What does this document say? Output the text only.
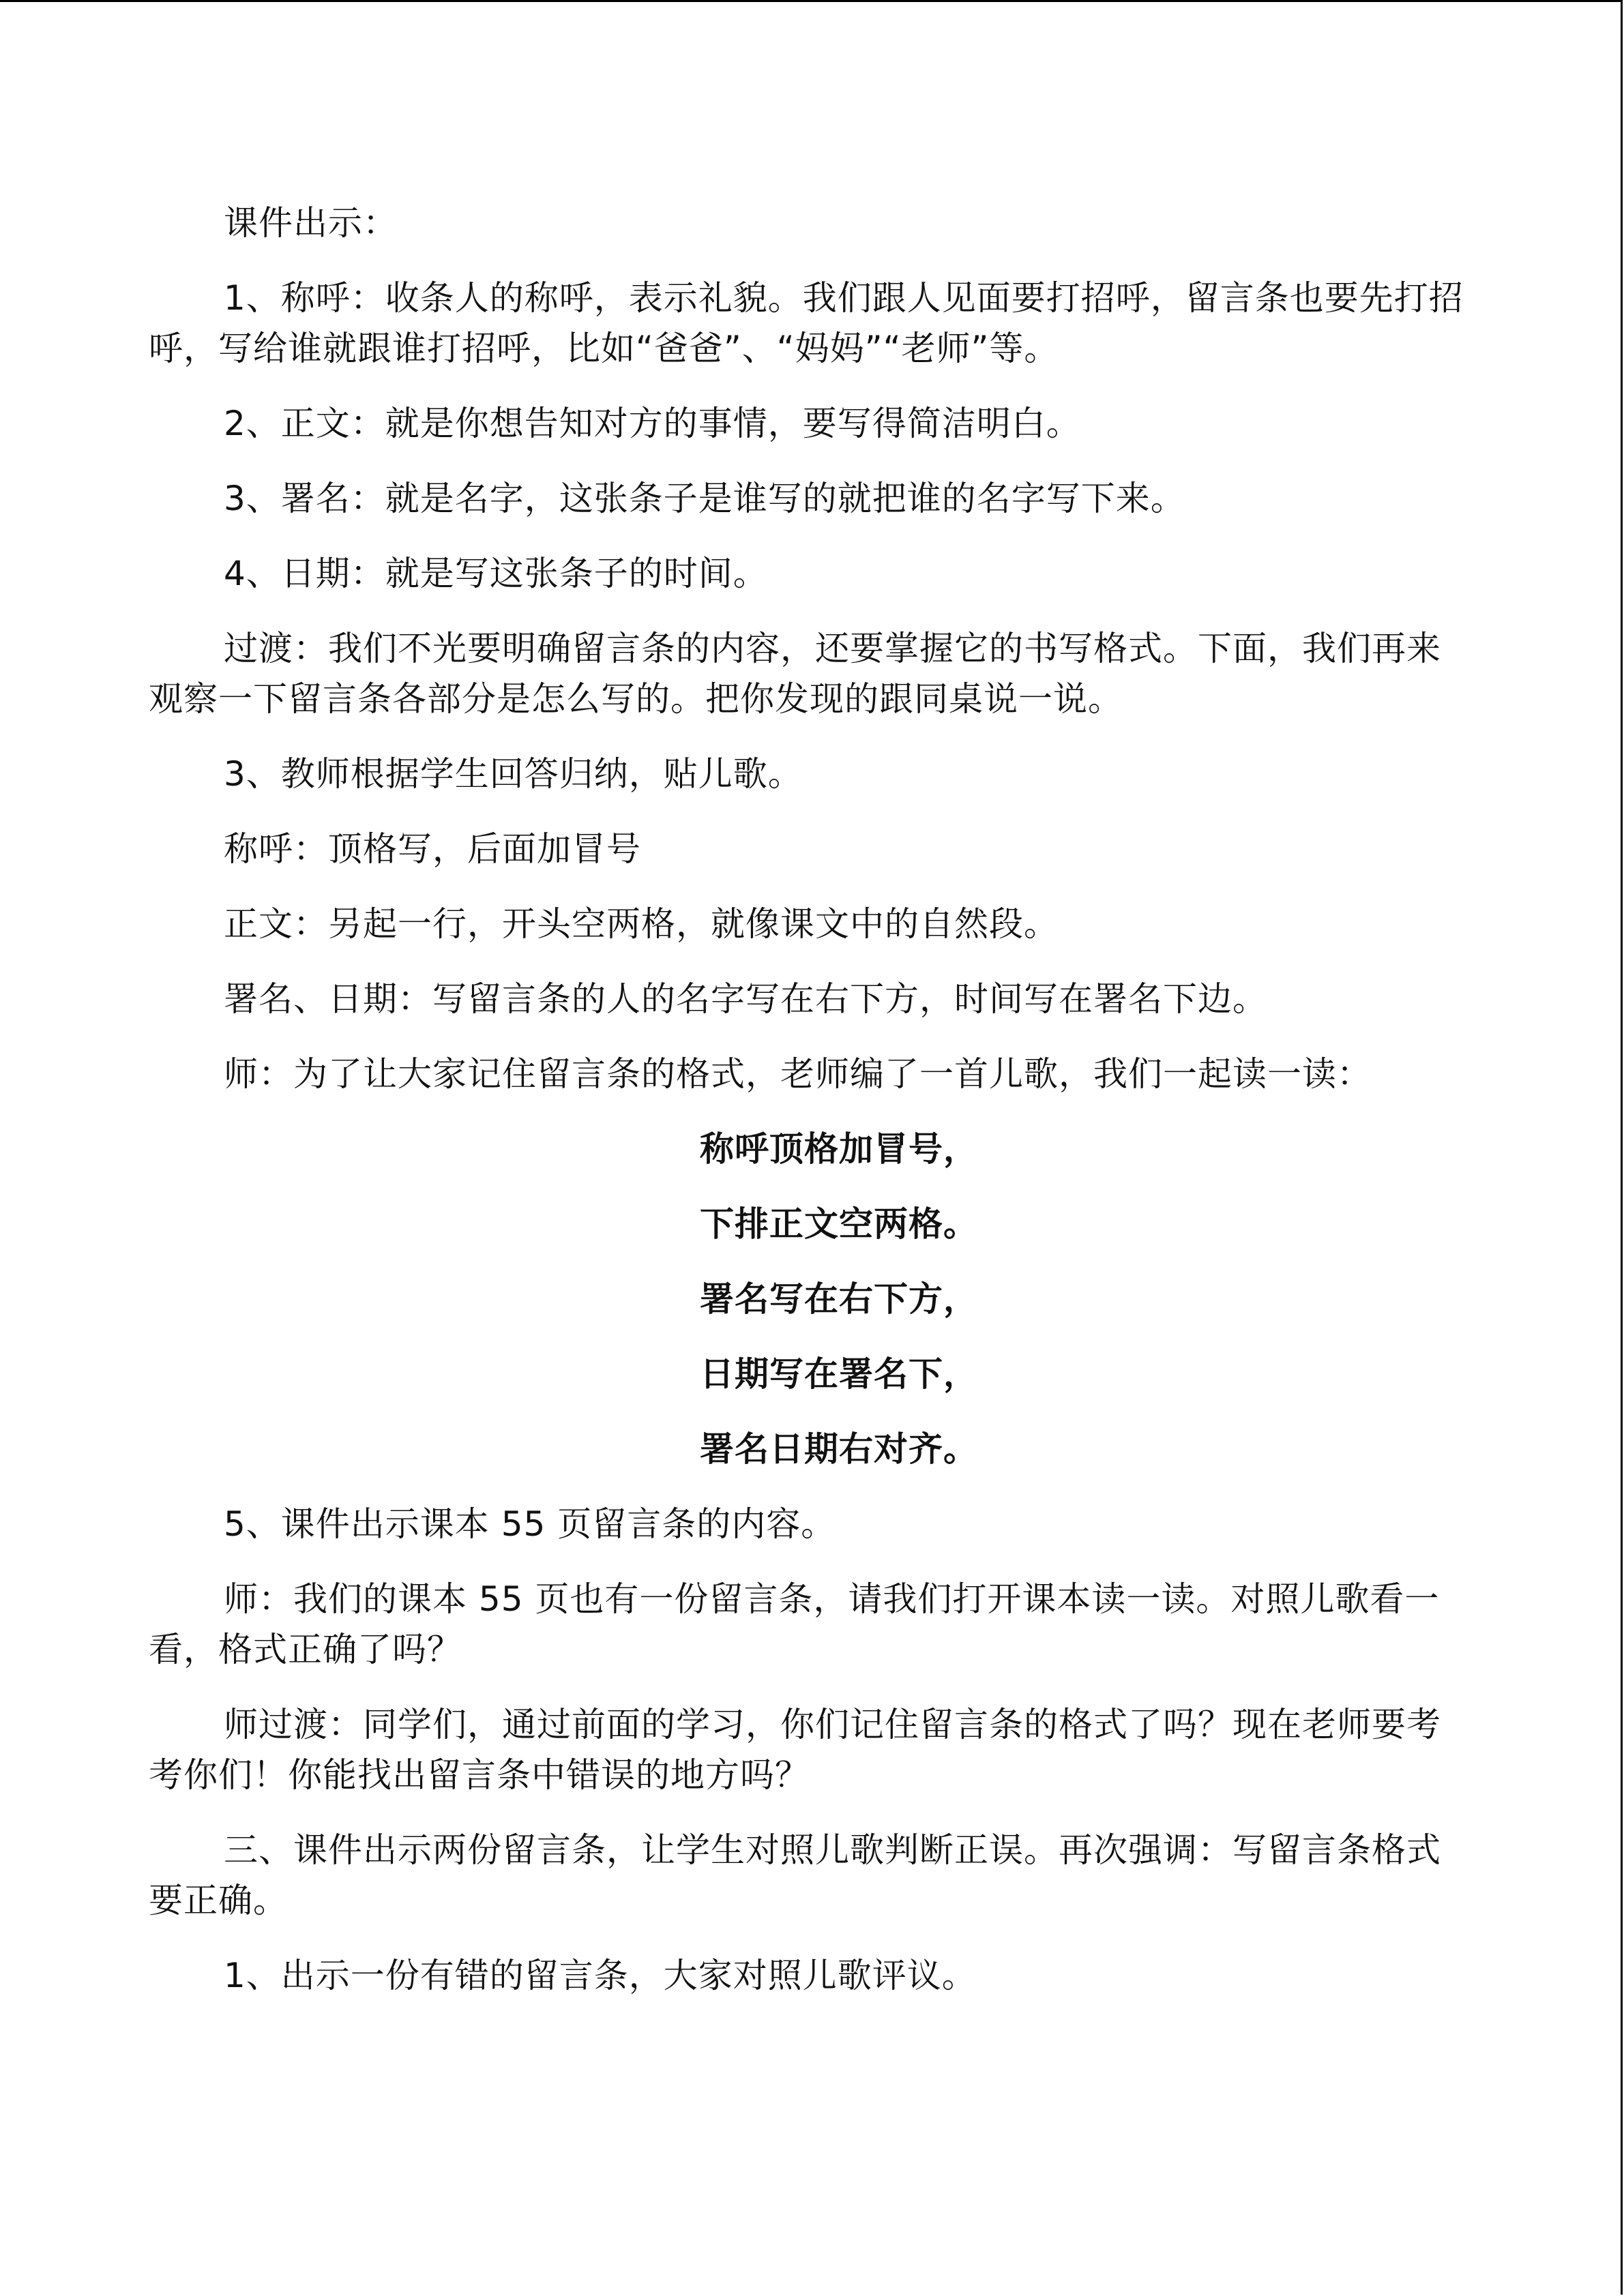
课件出示：

1、称呼：收条人的称呼，表示礼貌。我们跟人见面要打招呼，留言条也要先打招呼，写给谁就跟谁打招呼，比如“爸爸”、“妈妈”“老师”等。

2、正文：就是你想告知对方的事情，要写得简洁明白。

3、署名：就是名字，这张条子是谁写的就把谁的名字写下来。

4、日期：就是写这张条子的时间。

过渡：我们不光要明确留言条的内容，还要掌握它的书写格式。下面，我们再来观察一下留言条各部分是怎么写的。把你发现的跟同桌说一说。

3、教师根据学生回答归纳，贴儿歌。

称呼：顶格写，后面加冒号

正文：另起一行，开头空两格，就像课文中的自然段。

署名、日期：写留言条的人的名字写在右下方，时间写在署名下边。

师：为了让大家记住留言条的格式，老师编了一首儿歌，我们一起读一读：

称呼顶格加冒号，

下排正文空两格。

署名写在右下方，

日期写在署名下，

署名日期右对齐。

5、课件出示课本 55 页留言条的内容。

师：我们的课本 55 页也有一份留言条，请我们打开课本读一读。对照儿歌看一看，格式正确了吗？

师过渡：同学们，通过前面的学习，你们记住留言条的格式了吗？现在老师要考考你们！你能找出留言条中错误的地方吗？

三、课件出示两份留言条，让学生对照儿歌判断正误。再次强调：写留言条格式要正确。

1、出示一份有错的留言条，大家对照儿歌评议。
